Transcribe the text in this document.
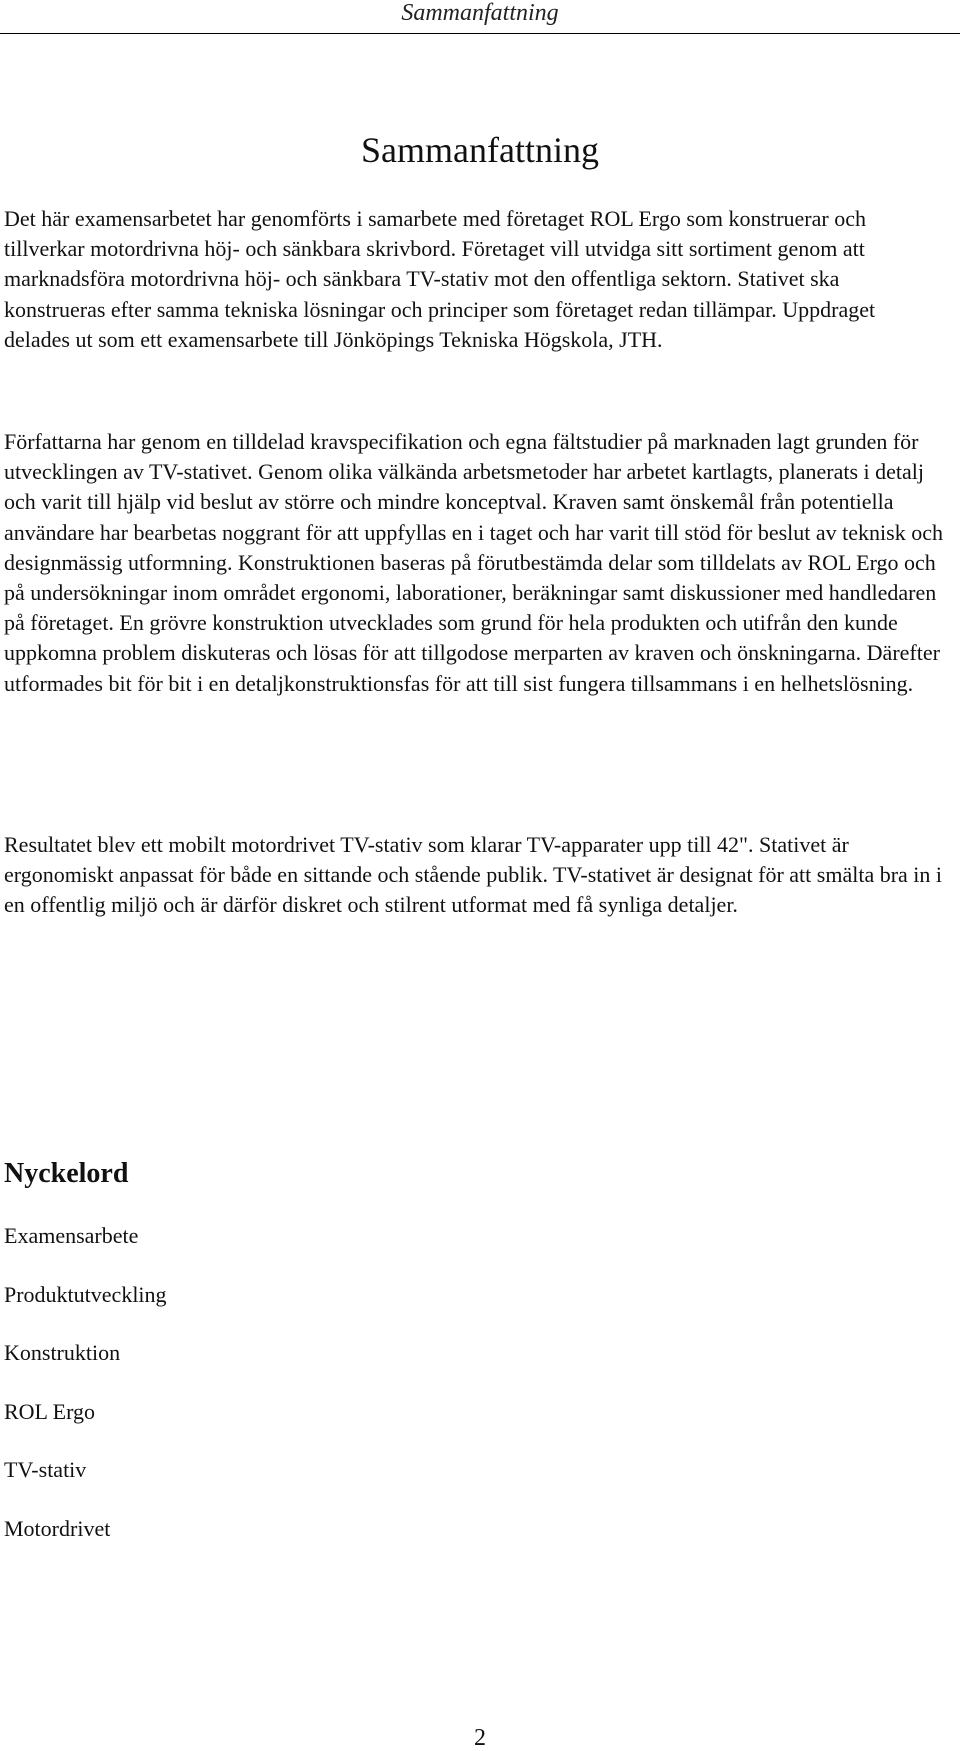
Sammanfattning
Sammanfattning

Det här examensarbetet har genomförts i samarbete med företaget ROL Ergo som konstruerar och tillverkar motordrivna höj- och sänkbara skrivbord. Företaget vill utvidga sitt sortiment genom att marknadsföra motordrivna höj- och sänkbara TV-stativ mot den offentliga sektorn. Stativet ska konstrueras efter samma tekniska lösningar och principer som företaget redan tillämpar. Uppdraget delades ut som ett examensarbete till Jönköpings Tekniska Högskola, JTH.

Författarna har genom en tilldelad kravspecifikation och egna fältstudier på marknaden lagt grunden för utvecklingen av TV-stativet. Genom olika välkända arbetsmetoder har arbetet kartlagts, planerats i detalj och varit till hjälp vid beslut av större och mindre konceptval. Kraven samt önskemål från potentiella användare har bearbetas noggrant för att uppfyllas en i taget och har varit till stöd för beslut av teknisk och designmässig utformning. Konstruktionen baseras på förutbestämda delar som tilldelats av ROL Ergo och på undersökningar inom området ergonomi, laborationer, beräkningar samt diskussioner med handledaren på företaget. En grövre konstruktion utvecklades som grund för hela produkten och utifrån den kunde uppkomna problem diskuteras och lösas för att tillgodose merparten av kraven och önskningarna. Därefter utformades bit för bit i en detaljkonstruktionsfas för att till sist fungera tillsammans i en helhetslösning.

Resultatet blev ett mobilt motordrivet TV-stativ som klarar TV-apparater upp till 42". Stativet är ergonomiskt anpassat för både en sittande och stående publik. TV-stativet är designat för att smälta bra in i en offentlig miljö och är därför diskret och stilrent utformat med få synliga detaljer.

Nyckelord
Examensarbete
Produktutveckling
Konstruktion
ROL Ergo
TV-stativ
Motordrivet
2
